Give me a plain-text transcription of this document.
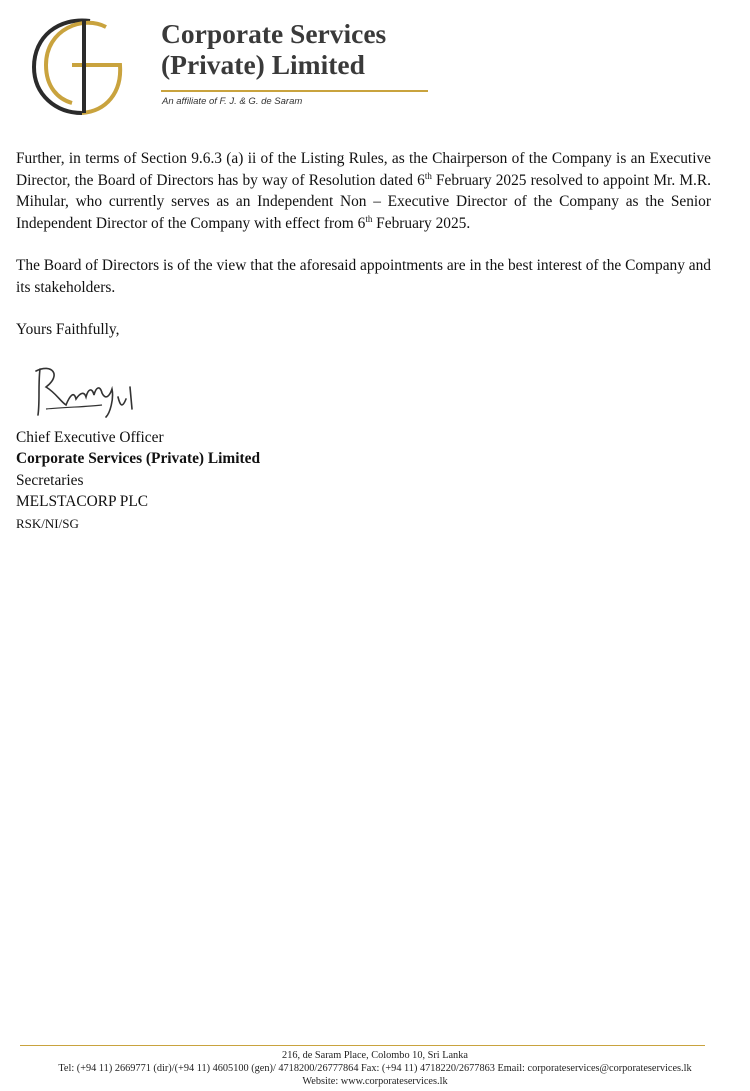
Corporate Services
(Private) Limited
An affiliate of F. J. & G. de Saram

Further, in terms of Section 9.6.3 (a) ii of the Listing Rules, as the Chairperson of the Company is an Executive Director, the Board of Directors has by way of Resolution dated 6th February 2025 resolved to appoint Mr. M.R. Mihular, who currently serves as an Independent Non – Executive Director of the Company as the Senior Independent Director of the Company with effect from 6th February 2025.

The Board of Directors is of the view that the aforesaid appointments are in the best interest of the Company and its stakeholders.

Yours Faithfully,

Chief Executive Officer

Corporate Services (Private) Limited

Secretaries

MELSTACORP PLC

RSK/NI/SG

216, de Saram Place, Colombo 10, Sri Lanka
Tel: (+94 11) 2669771 (dir)/(+94 11) 4605100 (gen)/ 4718200/26777864 Fax: (+94 11) 4718220/2677863 Email: corporateservices@corporateservices.lk
Website: www.corporateservices.lk
